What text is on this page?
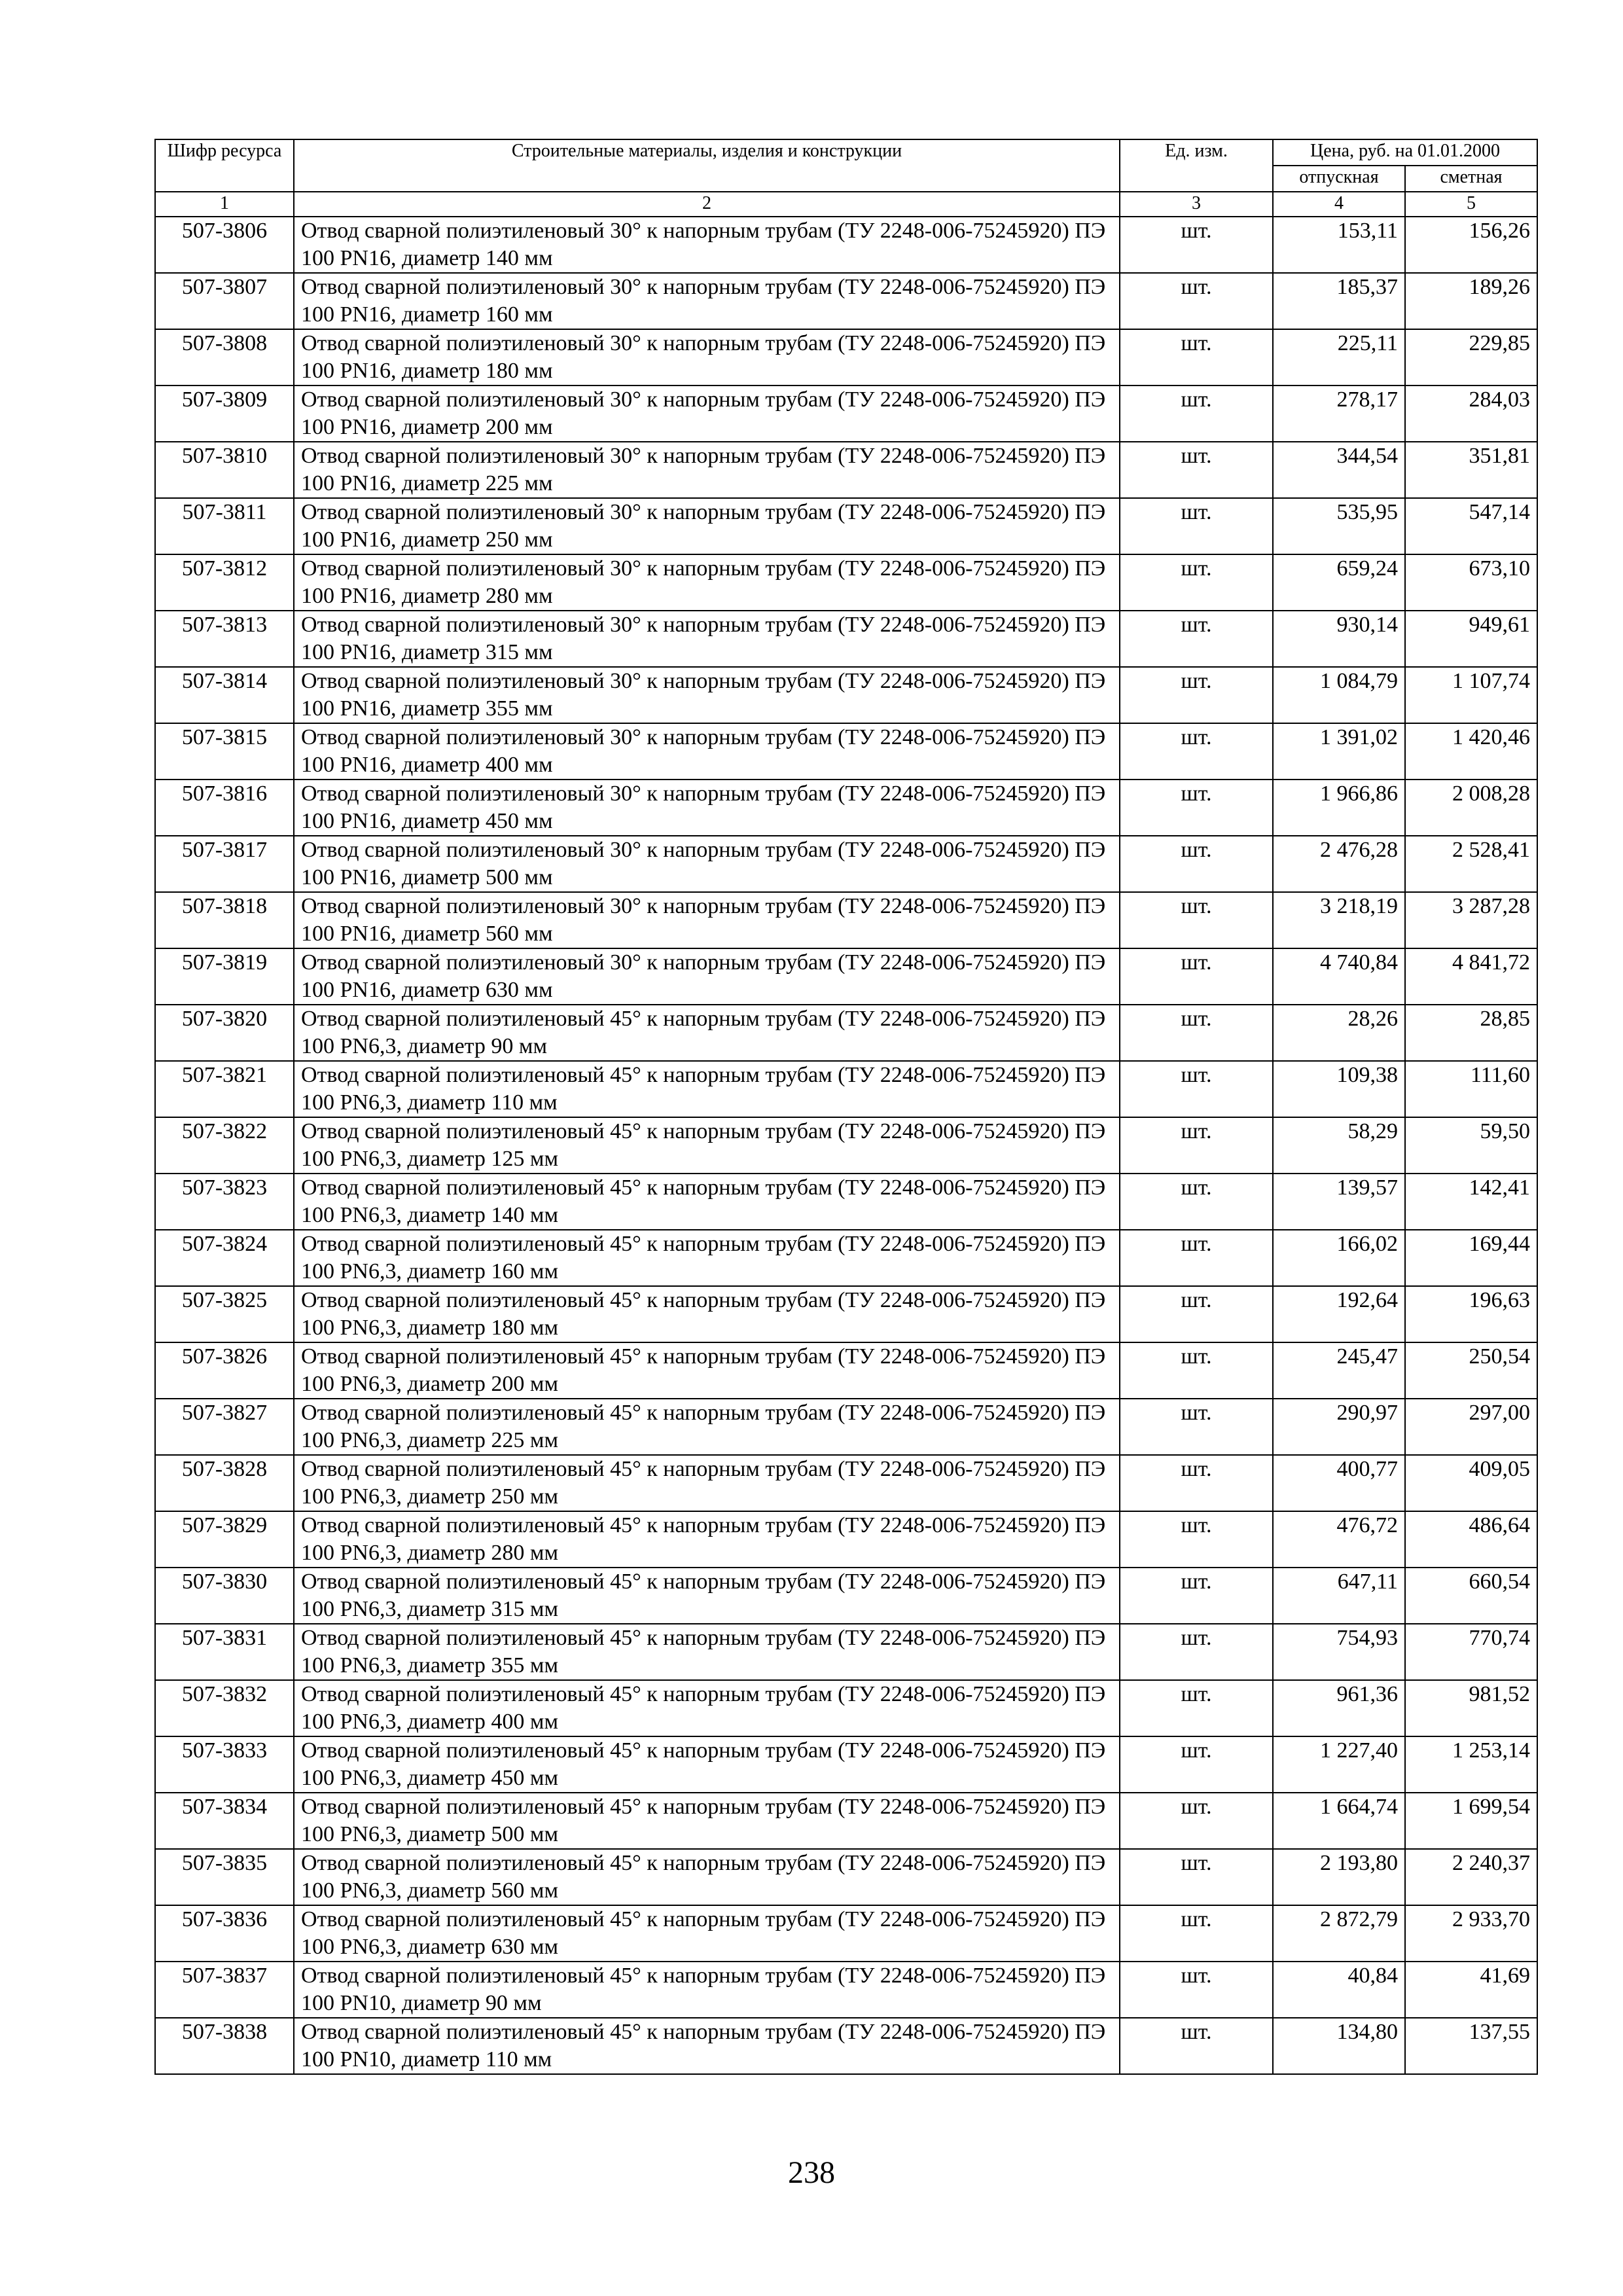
Шифр ресурса	Строительные материалы, изделия и конструкции	Ед. изм.	Цена, руб. на 01.01.2000	
			отпускная	сметная
1	2	3	4	5
507-3806	Отвод сварной полиэтиленовый 30° к напорным трубам (ТУ 2248-006-75245920) ПЭ 100 PN16, диаметр 140 мм	шт.	153,11	156,26
507-3807	Отвод сварной полиэтиленовый 30° к напорным трубам (ТУ 2248-006-75245920) ПЭ 100 PN16, диаметр 160 мм	шт.	185,37	189,26
507-3808	Отвод сварной полиэтиленовый 30° к напорным трубам (ТУ 2248-006-75245920) ПЭ 100 PN16, диаметр 180 мм	шт.	225,11	229,85
507-3809	Отвод сварной полиэтиленовый 30° к напорным трубам (ТУ 2248-006-75245920) ПЭ 100 PN16, диаметр 200 мм	шт.	278,17	284,03
507-3810	Отвод сварной полиэтиленовый 30° к напорным трубам (ТУ 2248-006-75245920) ПЭ 100 PN16, диаметр 225 мм	шт.	344,54	351,81
507-3811	Отвод сварной полиэтиленовый 30° к напорным трубам (ТУ 2248-006-75245920) ПЭ 100 PN16, диаметр 250 мм	шт.	535,95	547,14
507-3812	Отвод сварной полиэтиленовый 30° к напорным трубам (ТУ 2248-006-75245920) ПЭ 100 PN16, диаметр 280 мм	шт.	659,24	673,10
507-3813	Отвод сварной полиэтиленовый 30° к напорным трубам (ТУ 2248-006-75245920) ПЭ 100 PN16, диаметр 315 мм	шт.	930,14	949,61
507-3814	Отвод сварной полиэтиленовый 30° к напорным трубам (ТУ 2248-006-75245920) ПЭ 100 PN16, диаметр 355 мм	шт.	1 084,79	1 107,74
507-3815	Отвод сварной полиэтиленовый 30° к напорным трубам (ТУ 2248-006-75245920) ПЭ 100 PN16, диаметр 400 мм	шт.	1 391,02	1 420,46
507-3816	Отвод сварной полиэтиленовый 30° к напорным трубам (ТУ 2248-006-75245920) ПЭ 100 PN16, диаметр 450 мм	шт.	1 966,86	2 008,28
507-3817	Отвод сварной полиэтиленовый 30° к напорным трубам (ТУ 2248-006-75245920) ПЭ 100 PN16, диаметр 500 мм	шт.	2 476,28	2 528,41
507-3818	Отвод сварной полиэтиленовый 30° к напорным трубам (ТУ 2248-006-75245920) ПЭ 100 PN16, диаметр 560 мм	шт.	3 218,19	3 287,28
507-3819	Отвод сварной полиэтиленовый 30° к напорным трубам (ТУ 2248-006-75245920) ПЭ 100 PN16, диаметр 630 мм	шт.	4 740,84	4 841,72
507-3820	Отвод сварной полиэтиленовый 45° к напорным трубам (ТУ 2248-006-75245920) ПЭ 100 PN6,3, диаметр 90 мм	шт.	28,26	28,85
507-3821	Отвод сварной полиэтиленовый 45° к напорным трубам (ТУ 2248-006-75245920) ПЭ 100 PN6,3, диаметр 110 мм	шт.	109,38	111,60
507-3822	Отвод сварной полиэтиленовый 45° к напорным трубам (ТУ 2248-006-75245920) ПЭ 100 PN6,3, диаметр 125 мм	шт.	58,29	59,50
507-3823	Отвод сварной полиэтиленовый 45° к напорным трубам (ТУ 2248-006-75245920) ПЭ 100 PN6,3, диаметр 140 мм	шт.	139,57	142,41
507-3824	Отвод сварной полиэтиленовый 45° к напорным трубам (ТУ 2248-006-75245920) ПЭ 100 PN6,3, диаметр 160 мм	шт.	166,02	169,44
507-3825	Отвод сварной полиэтиленовый 45° к напорным трубам (ТУ 2248-006-75245920) ПЭ 100 PN6,3, диаметр 180 мм	шт.	192,64	196,63
507-3826	Отвод сварной полиэтиленовый 45° к напорным трубам (ТУ 2248-006-75245920) ПЭ 100 PN6,3, диаметр 200 мм	шт.	245,47	250,54
507-3827	Отвод сварной полиэтиленовый 45° к напорным трубам (ТУ 2248-006-75245920) ПЭ 100 PN6,3, диаметр 225 мм	шт.	290,97	297,00
507-3828	Отвод сварной полиэтиленовый 45° к напорным трубам (ТУ 2248-006-75245920) ПЭ 100 PN6,3, диаметр 250 мм	шт.	400,77	409,05
507-3829	Отвод сварной полиэтиленовый 45° к напорным трубам (ТУ 2248-006-75245920) ПЭ 100 PN6,3, диаметр 280 мм	шт.	476,72	486,64
507-3830	Отвод сварной полиэтиленовый 45° к напорным трубам (ТУ 2248-006-75245920) ПЭ 100 PN6,3, диаметр 315 мм	шт.	647,11	660,54
507-3831	Отвод сварной полиэтиленовый 45° к напорным трубам (ТУ 2248-006-75245920) ПЭ 100 PN6,3, диаметр 355 мм	шт.	754,93	770,74
507-3832	Отвод сварной полиэтиленовый 45° к напорным трубам (ТУ 2248-006-75245920) ПЭ 100 PN6,3, диаметр 400 мм	шт.	961,36	981,52
507-3833	Отвод сварной полиэтиленовый 45° к напорным трубам (ТУ 2248-006-75245920) ПЭ 100 PN6,3, диаметр 450 мм	шт.	1 227,40	1 253,14
507-3834	Отвод сварной полиэтиленовый 45° к напорным трубам (ТУ 2248-006-75245920) ПЭ 100 PN6,3, диаметр 500 мм	шт.	1 664,74	1 699,54
507-3835	Отвод сварной полиэтиленовый 45° к напорным трубам (ТУ 2248-006-75245920) ПЭ 100 PN6,3, диаметр 560 мм	шт.	2 193,80	2 240,37
507-3836	Отвод сварной полиэтиленовый 45° к напорным трубам (ТУ 2248-006-75245920) ПЭ 100 PN6,3, диаметр 630 мм	шт.	2 872,79	2 933,70
507-3837	Отвод сварной полиэтиленовый 45° к напорным трубам (ТУ 2248-006-75245920) ПЭ 100 PN10, диаметр 90 мм	шт.	40,84	41,69
507-3838	Отвод сварной полиэтиленовый 45° к напорным трубам (ТУ 2248-006-75245920) ПЭ 100 PN10, диаметр 110 мм	шт.	134,80	137,55
238
